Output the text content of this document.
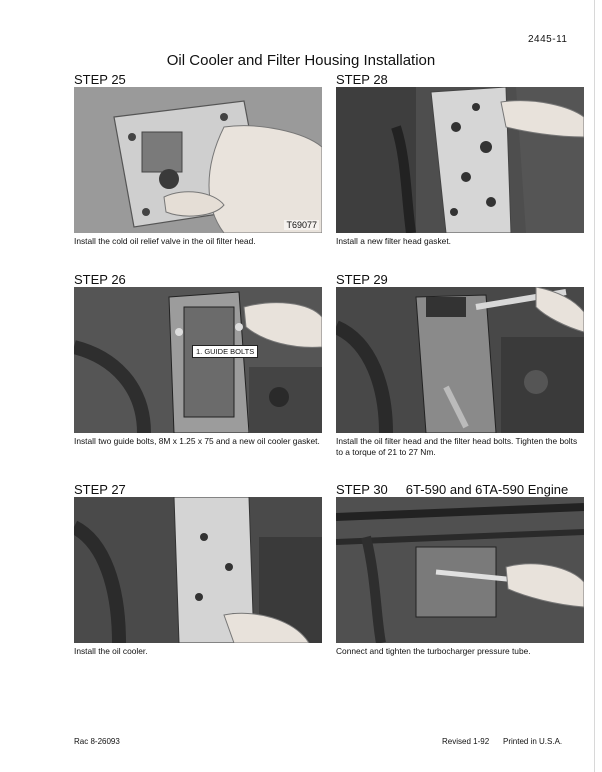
2445-11
Oil Cooler and Filter Housing Installation
STEP 25
T69077
Install the cold oil relief valve in the oil filter head.
STEP 28
Install a new filter head gasket.
STEP 26
1. GUIDE BOLTS
Install two guide bolts, 8M x 1.25 x 75 and a new oil cooler gasket.
STEP 29
Install the oil filter head and the filter head bolts. Tighten the bolts to a torque of 21 to 27 Nm.
STEP 27
Install the oil cooler.
STEP 30 6T-590 and 6TA-590 Engine
Connect and tighten the turbocharger pressure tube.
Rac 8-26093	Revised 1-92 Printed in U.S.A.
